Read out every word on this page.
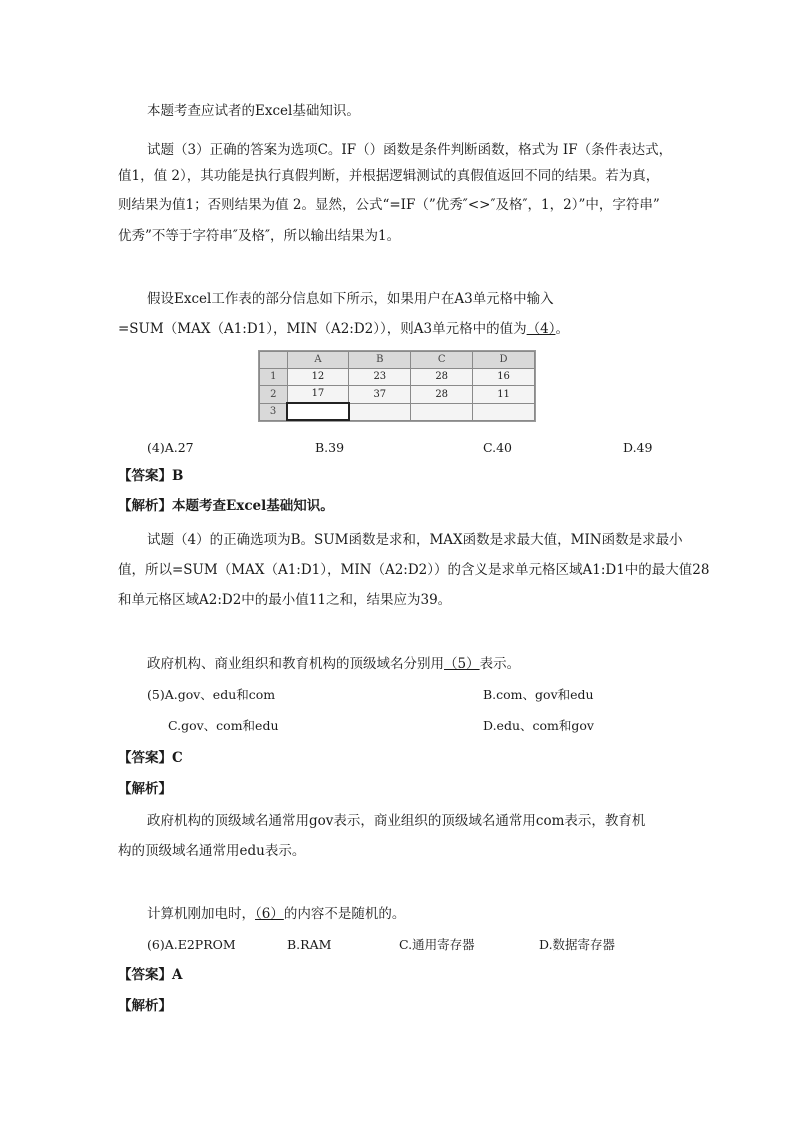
本题考查应试者的Excel基础知识。
试题（3）正确的答案为选项C。IF（）函数是条件判断函数，格式为 IF（条件表达式，
值1，值 2），其功能是执行真假判断，并根据逻辑测试的真假值返回不同的结果。若为真，
则结果为值1；否则结果为值 2。显然，公式“=IF（”优秀″<>″及格″，1，2）”中，字符串”
优秀”不等于字符串″及格″，所以输出结果为1。
假设Excel工作表的部分信息如下所示，如果用户在A3单元格中输入
=SUM（MAX（A1:D1），MIN（A2:D2）），则A3单元格中的值为（4）。
	A	B	C	D
1	12	23	28	16
2	17	37	28	11
3				
(4)A.27	B.39	C.40	D.49
【答案】B
【解析】本题考查Excel基础知识。
试题（4）的正确选项为B。SUM函数是求和，MAX函数是求最大值，MIN函数是求最小
值，所以=SUM（MAX（A1:D1），MIN（A2:D2））的含义是求单元格区域A1:D1中的最大值28
和单元格区域A2:D2中的最小值11之和，结果应为39。
政府机构、商业组织和教育机构的顶级域名分别用（5）表示。
(5)A.gov、edu和com	B.com、gov和edu
C.gov、com和edu	D.edu、com和gov
【答案】C
【解析】
政府机构的顶级域名通常用gov表示，商业组织的顶级域名通常用com表示，教育机
构的顶级域名通常用edu表示。
计算机刚加电时，（6）的内容不是随机的。
(6)A.E2PROM	B.RAM	C.通用寄存器	D.数据寄存器
【答案】A
【解析】
